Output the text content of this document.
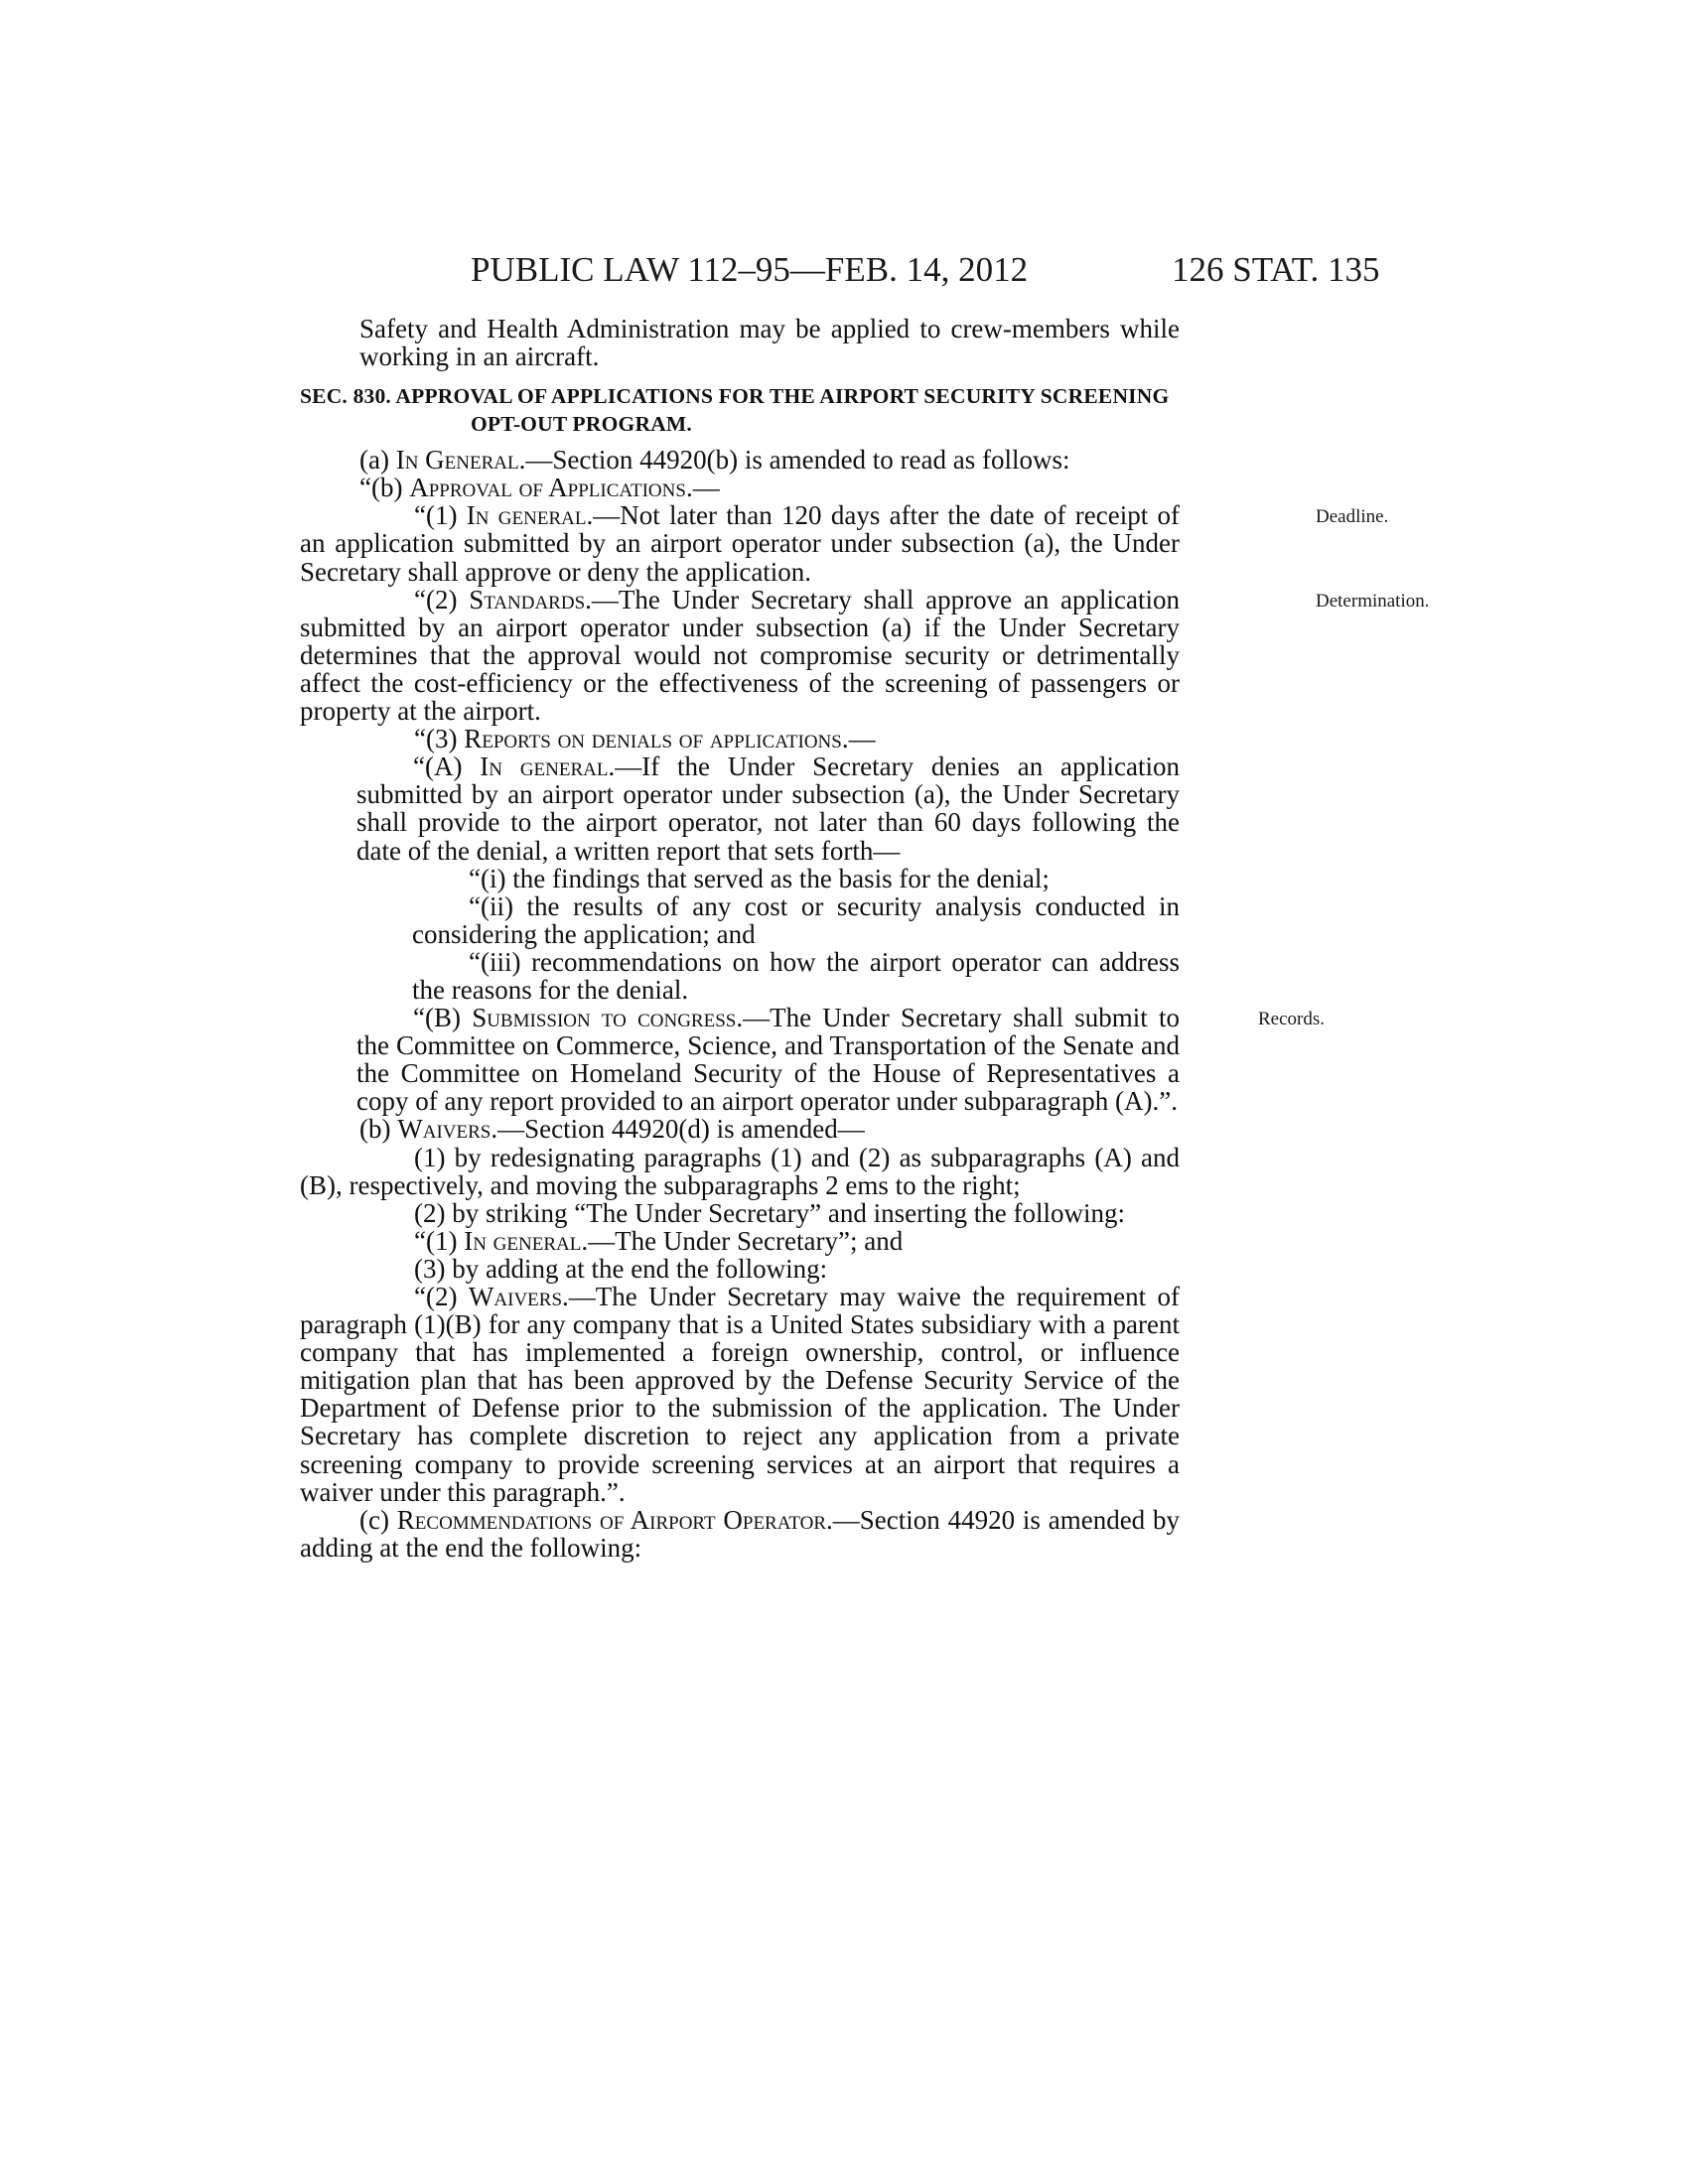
PUBLIC LAW 112–95—FEB. 14, 2012	126 STAT. 135

Safety and Health Administration may be applied to crew-members while working in an aircraft.

SEC. 830. APPROVAL OF APPLICATIONS FOR THE AIRPORT SECURITY SCREENING OPT-OUT PROGRAM.

(a) In General.—Section 44920(b) is amended to read as follows:

“(b) Approval of Applications.—

“(1) In general.—Not later than 120 days after the date of receipt of an application submitted by an airport operator under subsection (a), the Under Secretary shall approve or deny the application.
Deadline.

“(2) Standards.—The Under Secretary shall approve an application submitted by an airport operator under subsection (a) if the Under Secretary determines that the approval would not compromise security or detrimentally affect the cost-efficiency or the effectiveness of the screening of passengers or property at the airport.
Determination.

“(3) Reports on denials of applications.—

“(A) In general.—If the Under Secretary denies an application submitted by an airport operator under subsection (a), the Under Secretary shall provide to the airport operator, not later than 60 days following the date of the denial, a written report that sets forth—

“(i) the findings that served as the basis for the denial;

“(ii) the results of any cost or security analysis conducted in considering the application; and

“(iii) recommendations on how the airport operator can address the reasons for the denial.

“(B) Submission to congress.—The Under Secretary shall submit to the Committee on Commerce, Science, and Transportation of the Senate and the Committee on Homeland Security of the House of Representatives a copy of any report provided to an airport operator under subparagraph (A).”.
Records.

(b) Waivers.—Section 44920(d) is amended—

(1) by redesignating paragraphs (1) and (2) as subparagraphs (A) and (B), respectively, and moving the subparagraphs 2 ems to the right;

(2) by striking “The Under Secretary” and inserting the following:

“(1) In general.—The Under Secretary”; and

(3) by adding at the end the following:

“(2) Waivers.—The Under Secretary may waive the requirement of paragraph (1)(B) for any company that is a United States subsidiary with a parent company that has implemented a foreign ownership, control, or influence mitigation plan that has been approved by the Defense Security Service of the Department of Defense prior to the submission of the application. The Under Secretary has complete discretion to reject any application from a private screening company to provide screening services at an airport that requires a waiver under this paragraph.”.

(c) Recommendations of Airport Operator.—Section 44920 is amended by adding at the end the following:
